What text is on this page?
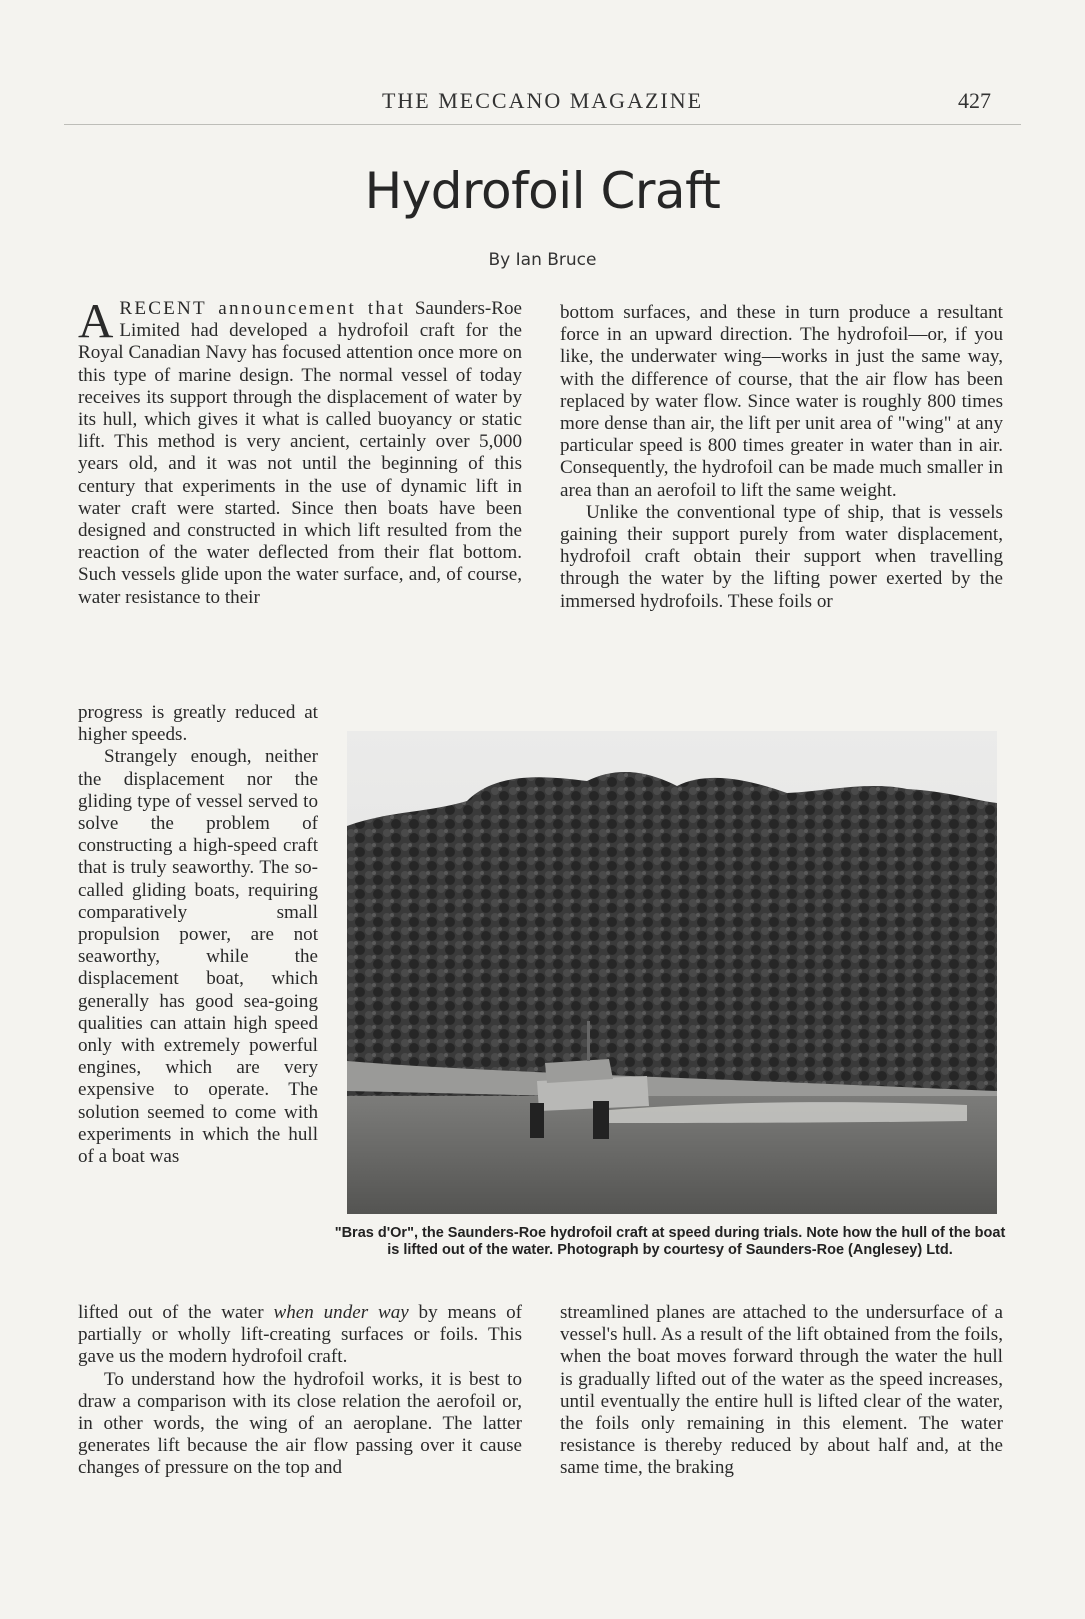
THE MECCANO MAGAZINE	427
Hydrofoil Craft
By Ian Bruce

ARECENT announcement that Saunders-Roe Limited had developed a hydrofoil craft for the Royal Canadian Navy has focused attention once more on this type of marine design. The normal vessel of today receives its support through the displacement of water by its hull, which gives it what is called buoyancy or static lift. This method is very ancient, certainly over 5,000 years old, and it was not until the beginning of this century that experiments in the use of dynamic lift in water craft were started. Since then boats have been designed and constructed in which lift resulted from the reaction of the water deflected from their flat bottom. Such vessels glide upon the water surface, and, of course, water resistance to their

progress is greatly reduced at higher speeds.

Strangely enough, neither the displacement nor the gliding type of vessel served to solve the problem of constructing a high-speed craft that is truly seaworthy. The so-called gliding boats, requiring comparatively small propulsion power, are not seaworthy, while the displacement boat, which generally has good sea-going qualities can attain high speed only with extremely powerful engines, which are very expensive to operate. The solution seemed to come with experiments in which the hull of a boat was

lifted out of the water when under way by means of partially or wholly lift-creating surfaces or foils. This gave us the modern hydrofoil craft.

To understand how the hydrofoil works, it is best to draw a comparison with its close relation the aerofoil or, in other words, the wing of an aeroplane. The latter generates lift because the air flow passing over it cause changes of pressure on the top and

bottom surfaces, and these in turn produce a resultant force in an upward direction. The hydrofoil—or, if you like, the underwater wing—works in just the same way, with the difference of course, that the air flow has been replaced by water flow. Since water is roughly 800 times more dense than air, the lift per unit area of "wing" at any particular speed is 800 times greater in water than in air. Consequently, the hydrofoil can be made much smaller in area than an aerofoil to lift the same weight.

Unlike the conventional type of ship, that is vessels gaining their support purely from water displacement, hydrofoil craft obtain their support when travelling through the water by the lifting power exerted by the immersed hydrofoils. These foils or

"Bras d'Or", the Saunders-Roe hydrofoil craft at speed during trials. Note how the hull of the boat is lifted out of the water. Photograph by courtesy of Saunders-Roe (Anglesey) Ltd.

streamlined planes are attached to the undersurface of a vessel's hull. As a result of the lift obtained from the foils, when the boat moves forward through the water the hull is gradually lifted out of the water as the speed increases, until eventually the entire hull is lifted clear of the water, the foils only remaining in this element. The water resistance is thereby reduced by about half and, at the same time, the braking
